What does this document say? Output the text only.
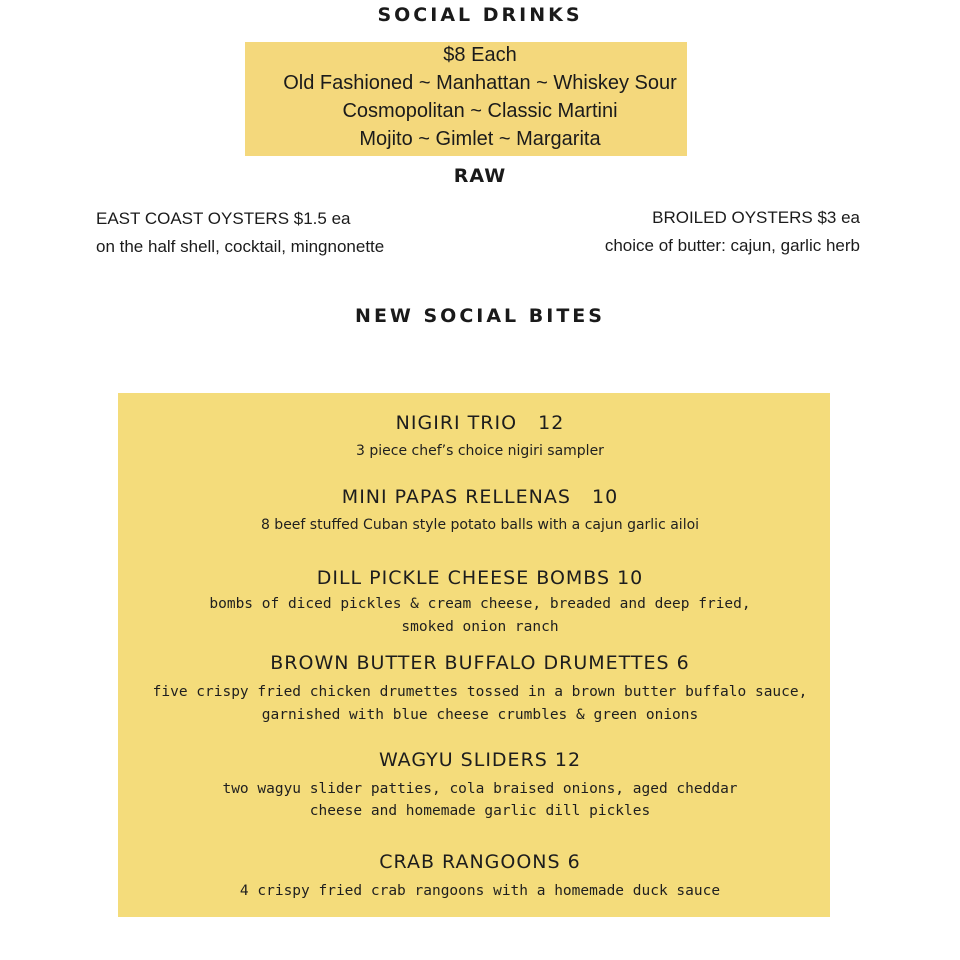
SOCIAL DRINKS
$8 Each
Old Fashioned ~ Manhattan ~ Whiskey Sour
Cosmopolitan ~ Classic Martini
Mojito ~ Gimlet ~ Margarita
RAW

EAST COAST OYSTERS $1.5 ea

on the half shell, cocktail, mingnonette

BROILED OYSTERS $3 ea

choice of butter: cajun, garlic herb

NEW SOCIAL BITES

NIGIRI TRIO   12

3 piece chef’s choice nigiri sampler

MINI PAPAS RELLENAS   10

8 beef stuffed Cuban style potato balls with a cajun garlic ailoi

DILL PICKLE CHEESE BOMBS 10

bombs of diced pickles & cream cheese, breaded and deep fried,

smoked onion ranch

BROWN BUTTER BUFFALO DRUMETTES 6

five crispy fried chicken drumettes tossed in a brown butter buffalo sauce,

garnished with blue cheese crumbles & green onions

WAGYU SLIDERS 12

two wagyu slider patties, cola braised onions, aged cheddar

cheese and homemade garlic dill pickles

CRAB RANGOONS 6

4 crispy fried crab rangoons with a homemade duck sauce
